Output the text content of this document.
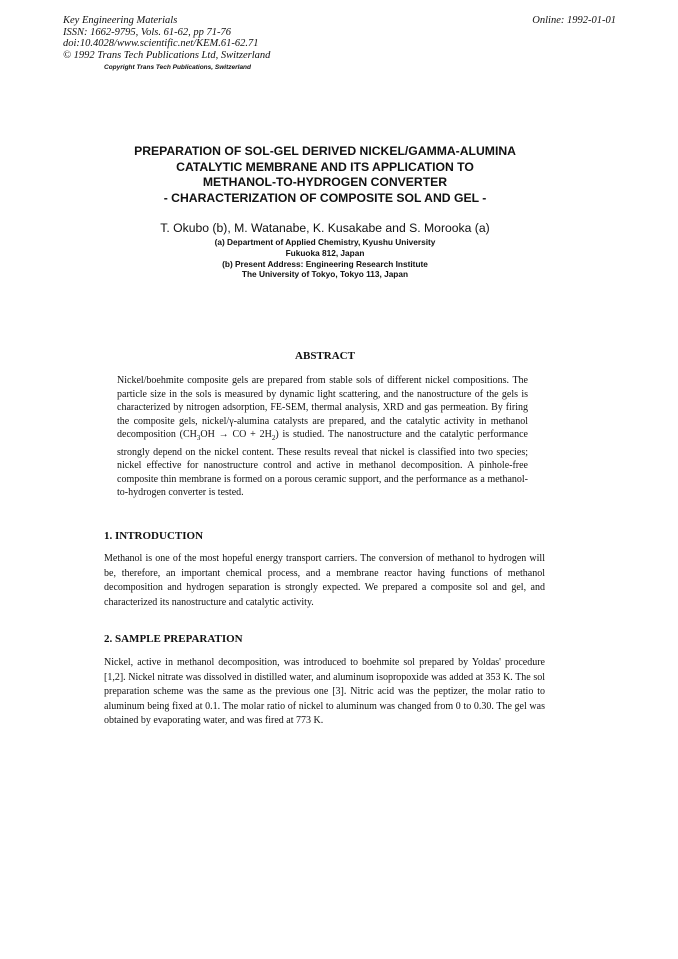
Key Engineering Materials
ISSN: 1662-9795, Vols. 61-62, pp 71-76
doi:10.4028/www.scientific.net/KEM.61-62.71
© 1992 Trans Tech Publications Ltd, Switzerland
Copyright Trans Tech Publications, Switzerland
Online: 1992-01-01
PREPARATION OF SOL-GEL DERIVED NICKEL/GAMMA-ALUMINA
CATALYTIC MEMBRANE AND ITS APPLICATION TO
METHANOL-TO-HYDROGEN CONVERTER
- CHARACTERIZATION OF COMPOSITE SOL AND GEL -
T. Okubo (b), M. Watanabe, K. Kusakabe and S. Morooka (a)
(a) Department of Applied Chemistry, Kyushu University
Fukuoka 812, Japan
(b) Present Address: Engineering Research Institute
The University of Tokyo, Tokyo 113, Japan
ABSTRACT
Nickel/boehmite composite gels are prepared from stable sols of different nickel compositions. The particle size in the sols is measured by dynamic light scattering, and the nanostructure of the gels is characterized by nitrogen adsorption, FE-SEM, thermal analysis, XRD and gas permeation. By firing the composite gels, nickel/γ-alumina catalysts are prepared, and the catalytic activity in methanol decomposition ($CH_3OH$ → CO + $2H_2$) is studied. The nanostructure and the catalytic performance strongly depend on the nickel content. These results reveal that nickel is classified into two species; nickel effective for nanostructure control and active in methanol decomposition. A pinhole-free composite thin membrane is formed on a porous ceramic support, and the performance as a methanol-to-hydrogen converter is tested.
1. INTRODUCTION
Methanol is one of the most hopeful energy transport carriers. The conversion of methanol to hydrogen will be, therefore, an important chemical process, and a membrane reactor having functions of methanol decomposition and hydrogen separation is strongly expected. We prepared a composite sol and gel, and characterized its nanostructure and catalytic activity.
2. SAMPLE PREPARATION
Nickel, active in methanol decomposition, was introduced to boehmite sol prepared by Yoldas' procedure [1,2]. Nickel nitrate was dissolved in distilled water, and aluminum isopropoxide was added at 353 K. The sol preparation scheme was the same as the previous one [3]. Nitric acid was the peptizer, the molar ratio to aluminum being fixed at 0.1. The molar ratio of nickel to aluminum was changed from 0 to 0.30. The gel was obtained by evaporating water, and was fired at 773 K.
